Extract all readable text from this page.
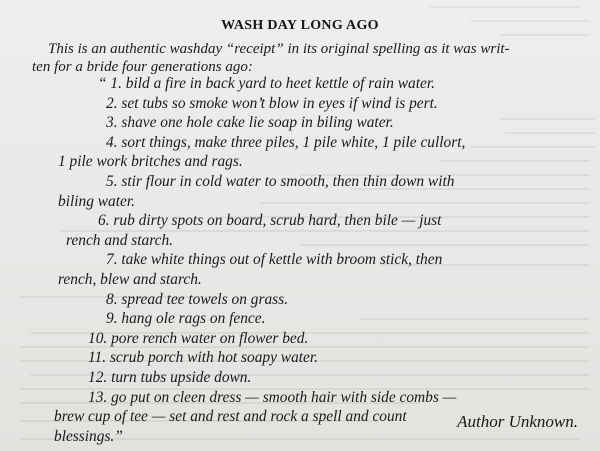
WASH DAY LONG AGO

This is an authentic washday “receipt” in its original spelling as it was writ-
ten for a bride four generations ago:

“ 1. bild a fire in back yard to heet kettle of rain water.
2. set tubs so smoke won’t blow in eyes if wind is pert.
3. shave one hole cake lie soap in biling water.
4. sort things, make three piles, 1 pile white, 1 pile cullort,
1 pile work britches and rags.
5. stir flour in cold water to smooth, then thin down with
biling water.
6. rub dirty spots on board, scrub hard, then bile — just
rench and starch.
7. take white things out of kettle with broom stick, then
rench, blew and starch.
8. spread tee towels on grass.
9. hang ole rags on fence.
10. pore rench water on flower bed.
11. scrub porch with hot soapy water.
12. turn tubs upside down.
13. go put on cleen dress — smooth hair with side combs —
brew cup of tee — set and rest and rock a spell and count
blessings.”

Author Unknown.
